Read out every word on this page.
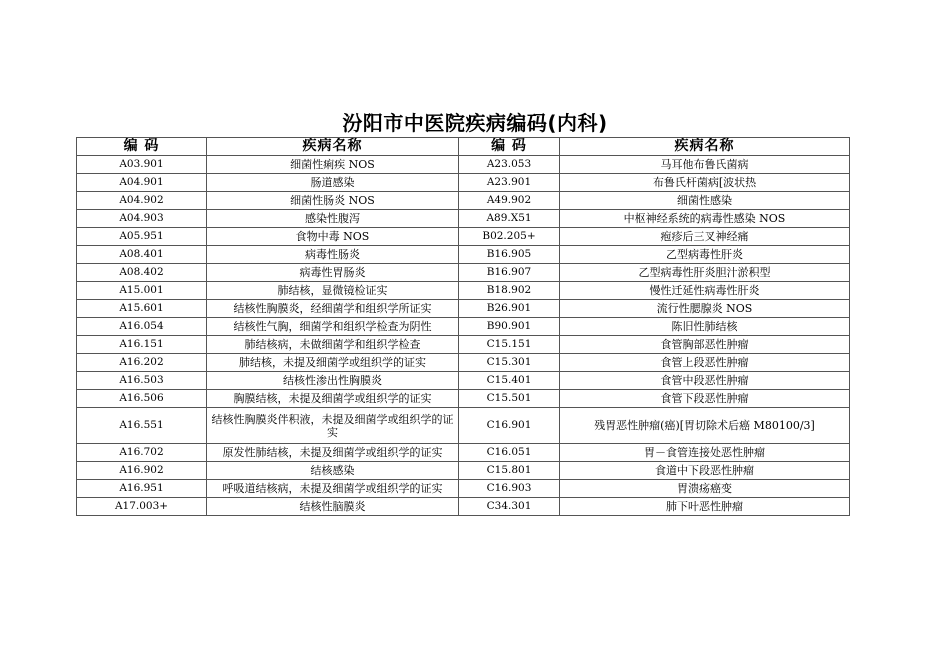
汾阳市中医院疾病编码(内科)
编 码	疾病名称	编 码	疾病名称
A03.901	细菌性痢疾 NOS	A23.053	马耳他布鲁氏菌病
A04.901	肠道感染	A23.901	布鲁氏杆菌病[波状热
A04.902	细菌性肠炎 NOS	A49.902	细菌性感染
A04.903	感染性腹泻	A89.X51	中枢神经系统的病毒性感染 NOS
A05.951	食物中毒 NOS	B02.205+	疱疹后三叉神经痛
A08.401	病毒性肠炎	B16.905	乙型病毒性肝炎
A08.402	病毒性胃肠炎	B16.907	乙型病毒性肝炎胆汁淤积型
A15.001	肺结核，显微镜检证实	B18.902	慢性迁延性病毒性肝炎
A15.601	结核性胸膜炎，经细菌学和组织学所证实	B26.901	流行性腮腺炎 NOS
A16.054	结核性气胸，细菌学和组织学检查为阴性	B90.901	陈旧性肺结核
A16.151	肺结核病，未做细菌学和组织学检查	C15.151	食管胸部恶性肿瘤
A16.202	肺结核，未提及细菌学或组织学的证实	C15.301	食管上段恶性肿瘤
A16.503	结核性渗出性胸膜炎	C15.401	食管中段恶性肿瘤
A16.506	胸膜结核，未提及细菌学或组织学的证实	C15.501	食管下段恶性肿瘤
A16.551	结核性胸膜炎伴积液，未提及细菌学或组织学的证实	C16.901	残胃恶性肿瘤(癌)[胃切除术后癌 M80100/3]
A16.702	原发性肺结核，未提及细菌学或组织学的证实	C16.051	胃－食管连接处恶性肿瘤
A16.902	结核感染	C15.801	食道中下段恶性肿瘤
A16.951	呼吸道结核病，未提及细菌学或组织学的证实	C16.903	胃溃疡癌变
A17.003+	结核性脑膜炎	C34.301	肺下叶恶性肿瘤
